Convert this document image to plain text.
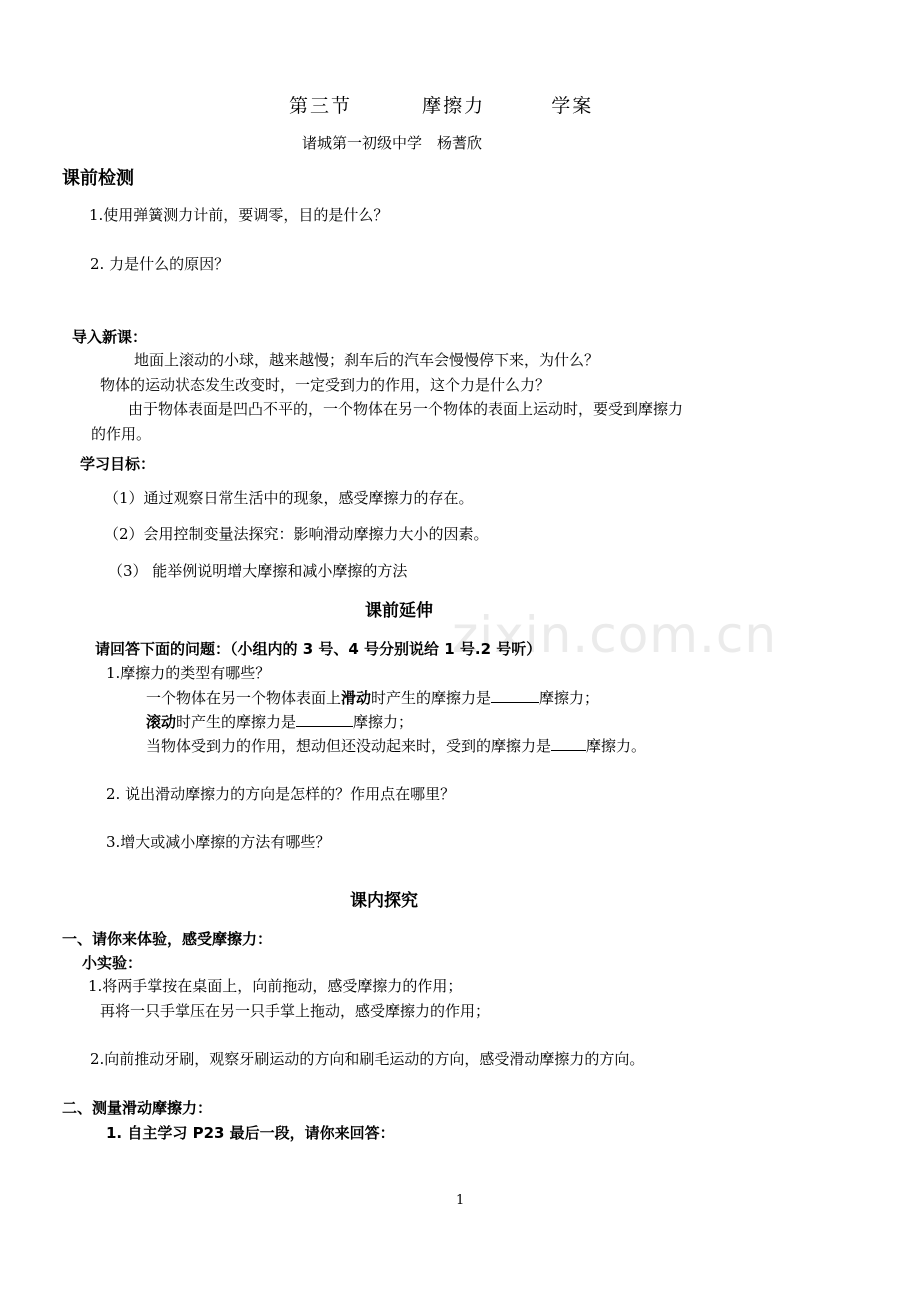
zixin.com.cn
第三节	摩擦力	学案
诸城第一初级中学　杨蓍欣
课前检测
1.使用弹簧测力计前，要调零，目的是什么？
2. 力是什么的原因？
导入新课：
地面上滚动的小球，越来越慢；刹车后的汽车会慢慢停下来，为什么？
物体的运动状态发生改变时，一定受到力的作用，这个力是什么力？
由于物体表面是凹凸不平的，一个物体在另一个物体的表面上运动时，要受到摩擦力
的作用。
学习目标：
（1）通过观察日常生活中的现象，感受摩擦力的存在。
（2）会用控制变量法探究：影响滑动摩擦力大小的因素。
（3） 能举例说明增大摩擦和减小摩擦的方法
课前延伸
请回答下面的问题：（小组内的 3 号、4 号分别说给 1 号.2 号听）
1.摩擦力的类型有哪些？
一个物体在另一个物体表面上滑动时产生的摩擦力是	摩擦力；
滚动时产生的摩擦力是	摩擦力；
当物体受到力的作用，想动但还没动起来时，受到的摩擦力是 摩擦力。
2. 说出滑动摩擦力的方向是怎样的？作用点在哪里？
3.增大或减小摩擦的方法有哪些？
课内探究
一、请你来体验，感受摩擦力：
小实验：
1.将两手掌按在桌面上，向前拖动，感受摩擦力的作用；
再将一只手掌压在另一只手掌上拖动，感受摩擦力的作用；
2.向前推动牙刷，观察牙刷运动的方向和刷毛运动的方向，感受滑动摩擦力的方向。
二、测量滑动摩擦力：
1. 自主学习 P23 最后一段，请你来回答：
1
